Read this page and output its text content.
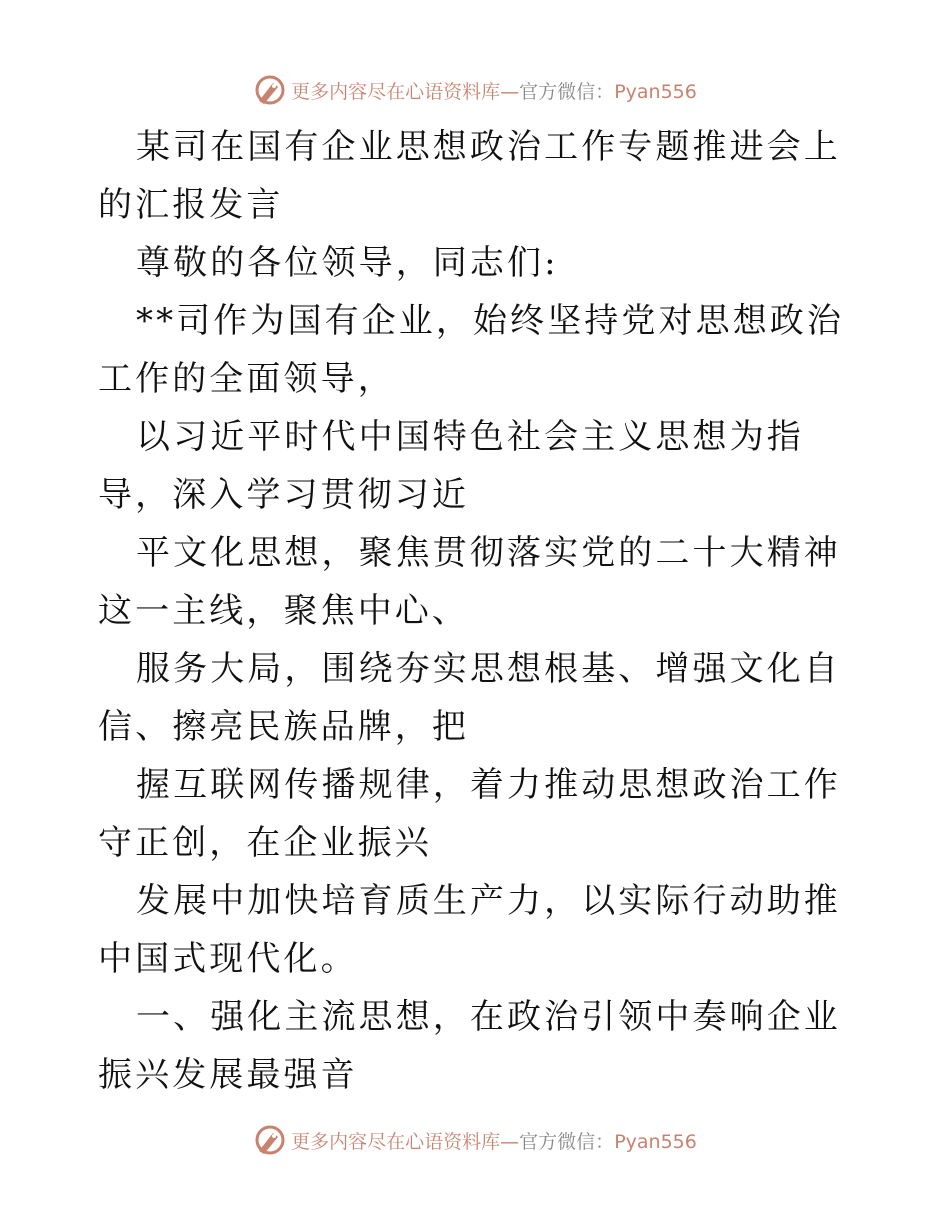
更多内容尽在心语资料库—官方微信：Pyan556

某司在国有企业思想政治工作专题推进会上的汇报发言

尊敬的各位领导，同志们:

**司作为国有企业，始终坚持党对思想政治工作的全面领导，

以习近平时代中国特色社会主义思想为指导，深入学习贯彻习近

平文化思想，聚焦贯彻落实党的二十大精神这一主线，聚焦中心、

服务大局，围绕夯实思想根基、增强文化自信、擦亮民族品牌，把

握互联网传播规律，着力推动思想政治工作守正创，在企业振兴

发展中加快培育质生产力，以实际行动助推中国式现代化。

一、强化主流思想，在政治引领中奏响企业振兴发展最强音

更多内容尽在心语资料库—官方微信：Pyan556
